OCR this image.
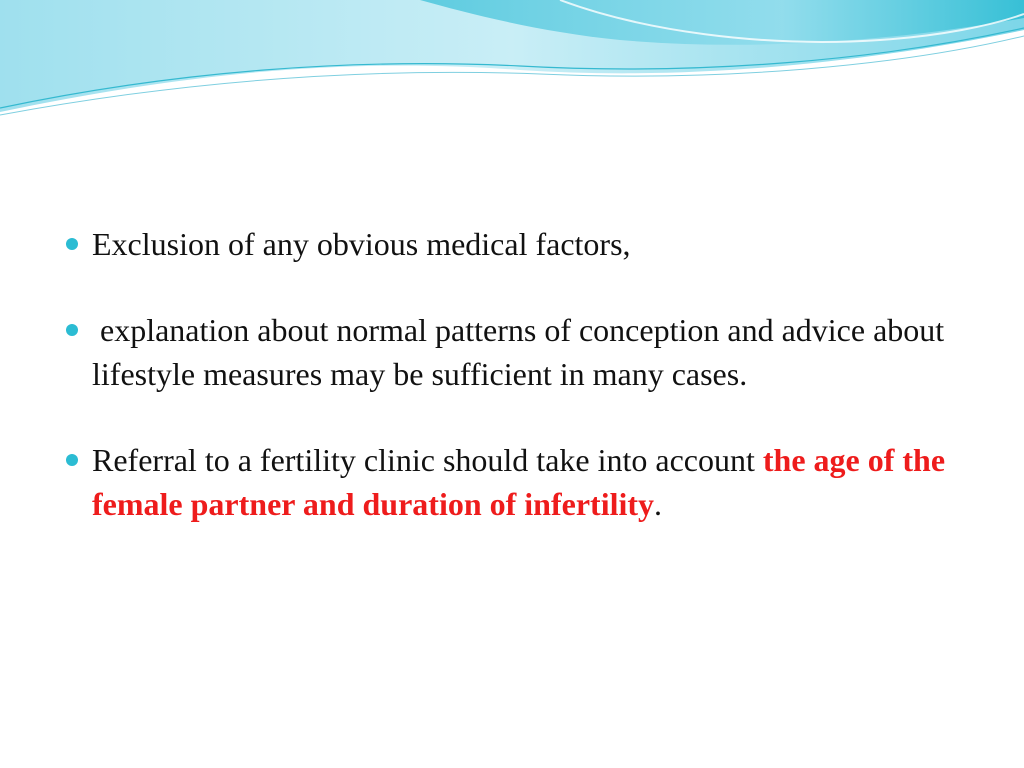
Exclusion of any obvious medical factors,
explanation about normal patterns of conception and advice about lifestyle measures may be sufficient in many cases.
Referral to a fertility clinic should take into account the age of the female partner and duration of infertility.
